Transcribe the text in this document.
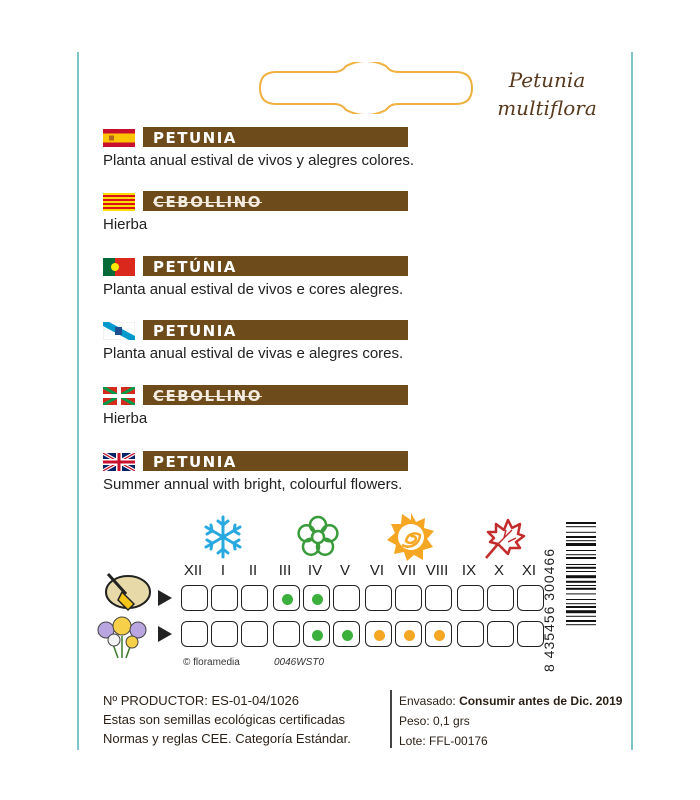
Petunia
multiflora
PETUNIA
Planta anual estival de vivos y alegres colores.
CEBOLLINO
Hierba
PETÚNIA
Planta anual estival de vivos e cores alegres.
PETUNIA
Planta anual estival de vivas e alegres cores.
CEBOLLINO
Hierba
PETUNIA
Summer annual with bright, colourful flowers.
XII	I	II	III	IV	V	VI VII VIII IX	X	XI 8 435456 300466
© floramedia	0046WST0
Nº PRODUCTOR: ES-01-04/1026
Estas son semillas ecológicas certificadas
Normas y reglas CEE. Categoría Estándar.
Envasado: Consumir antes de Dic. 2019
Peso: 0,1 grs
Lote: FFL-00176
